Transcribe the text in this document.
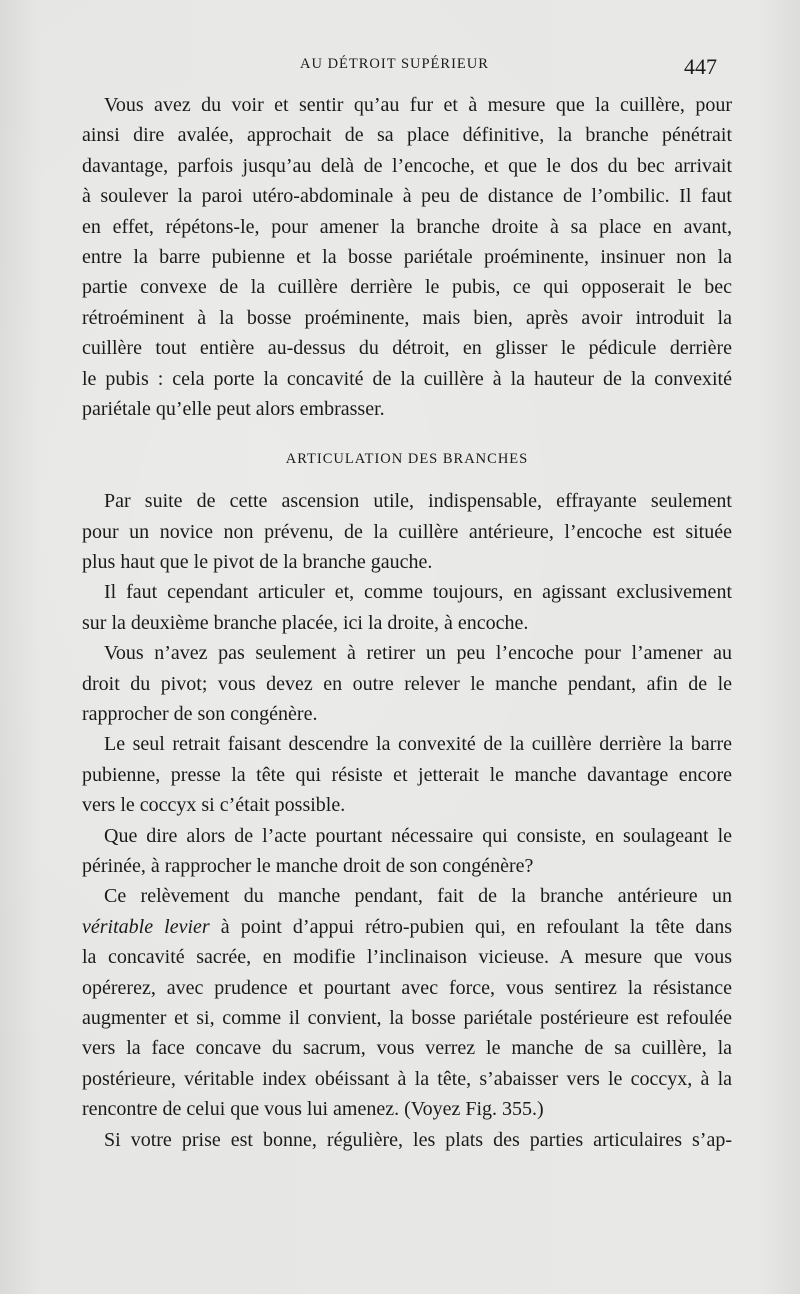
AU DÉTROIT SUPÉRIEUR	447
Vous avez du voir et sentir qu’au fur et à mesure que la cuillère, pour
ainsi dire avalée, approchait de sa place définitive, la branche pénétrait
davantage, parfois jusqu’au delà de l’encoche, et que le dos du bec arrivait
à soulever la paroi utéro-abdominale à peu de distance de l’ombilic. Il faut
en effet, répétons-le, pour amener la branche droite à sa place en avant,
entre la barre pubienne et la bosse pariétale proéminente, insinuer non la
partie convexe de la cuillère derrière le pubis, ce qui opposerait le bec
rétroéminent à la bosse proéminente, mais bien, après avoir introduit la
cuillère tout entière au-dessus du détroit, en glisser le pédicule derrière
le pubis : cela porte la concavité de la cuillère à la hauteur de la convexité
pariétale qu’elle peut alors embrasser.
ARTICULATION DES BRANCHES
Par suite de cette ascension utile, indispensable, effrayante seulement
pour un novice non prévenu, de la cuillère antérieure, l’encoche est située
plus haut que le pivot de la branche gauche.
Il faut cependant articuler et, comme toujours, en agissant exclusivement
sur la deuxième branche placée, ici la droite, à encoche.
Vous n’avez pas seulement à retirer un peu l’encoche pour l’amener au
droit du pivot; vous devez en outre relever le manche pendant, afin de le
rapprocher de son congénère.
Le seul retrait faisant descendre la convexité de la cuillère derrière la barre
pubienne, presse la tête qui résiste et jetterait le manche davantage encore
vers le coccyx si c’était possible.
Que dire alors de l’acte pourtant nécessaire qui consiste, en soulageant le
périnée, à rapprocher le manche droit de son congénère?
Ce relèvement du manche pendant, fait de la branche antérieure un
véritable levier à point d’appui rétro-pubien qui, en refoulant la tête dans
la concavité sacrée, en modifie l’inclinaison vicieuse. A mesure que vous
opérerez, avec prudence et pourtant avec force, vous sentirez la résistance
augmenter et si, comme il convient, la bosse pariétale postérieure est refoulée
vers la face concave du sacrum, vous verrez le manche de sa cuillère, la
postérieure, véritable index obéissant à la tête, s’abaisser vers le coccyx, à la
rencontre de celui que vous lui amenez. (Voyez Fig. 355.)
Si votre prise est bonne, régulière, les plats des parties articulaires s’ap-
